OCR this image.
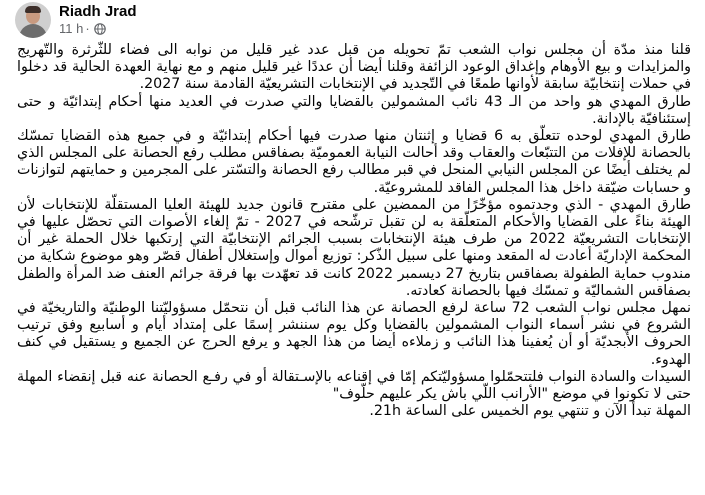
Riadh Jrad
11 h ·

قلنا منذ مدّة أن مجلس نواب الشعب تمّ تحويله من قبل عدد غير قليل من نوابه الى فضاء للثّرثرة والتّهريج والمزايدات و بيع الأوهام وإغداق الوعود الزائفة وقلنا أيضا أن عددًا غير قليل منهم و مع نهاية العهدة الحالية قد دخلوا في حملات إنتخابيّة سابقة لأوانها طمعًا في التّجديد في الإنتخابات التشريعيّة القادمة سنة 2027.

طارق المهدي هو واحد من الـ 43 نائب المشمولين بالقضايا والتي صدرت في العديد منها أحكام إبتدائيّة و حتى إستئنافيّة بالإدانة.

طارق المهدي لوحده تتعلّق به 6 قضايا و إثنتان منها صدرت فيها أحكام إبتدائيّة و في جميع هذه القضايا تمسّك بالحصانة للإفلات من التتبّعات والعقاب وقد أحالت النيابة العموميّة بصفاقس مطلب رفع الحصانة على المجلس الذي لم يختلف أيضًا عن المجلس النيابي المنحل في قبر مطالب رفع الحصانة والتسّتر على المجرمين و حمايتهم لتوازنات و حسابات ضيّقة داخل هذا المجلس الفاقد للمشروعيّة.

طارق المهدي - الذي وجدتموه مؤخّرًا من الممضين على مقترح قانون جديد للهيئة العليا المستقلّة للإنتخابات لأن الهيئة بناءً على القضايا والأحكام المتعلّقة به لن تقبل ترشّحه في 2027 - تمّ إلغاء الأصوات التي تحصّل عليها في الإنتخابات التشريعيّة 2022 من طرف هيئة الإنتخابات بسبب الجرائم الإنتخابيّة التي إرتكبها خلال الحملة غير أن المحكمة الإداريّة أعادت له المقعد ومنها على سبيل الذّكر: توزيع أموال وإستغلال أطفال قصّر وهو موضوع شكاية من مندوب حماية الطفولة بصفاقس بتاريخ 27 ديسمبر 2022 كانت قد تعهّدت بها فرقة جرائم العنف ضد المرأة والطفل بصفاقس الشماليّة و تمسّك فيها بالحصانة كعادته.

نمهل مجلس نواب الشعب 72 ساعة لرفع الحصانة عن هذا النائب قبل أن نتحمّل مسؤوليّتنا الوطنيّة والتاريخيّة في الشروع في نشر أسماء النواب المشمولين بالقضايا وكل يوم سننشر إسمًا على إمتداد أيام و أسابيع وفق ترتيب الحروف الأبجديّة أو أن يُعفينا هذا النائب و زملاءه أيضا من هذا الجهد و يرفع الحرج عن الجميع و يستقيل في كنف الهدوء.

السيدات والسادة النواب فلتتحمّلوا مسؤوليّتكم إمّا في إقناعه بالإسـتقالة أو في رفـع الحصانة عنه قبل إنقضاء المهلة حتى لا تكونوا في موضع "الأرانب اللّي باش يكر عليهم حلّوف"

المهلة تبدأ الآن و تنتهي يوم الخميس على الساعة 21h.
